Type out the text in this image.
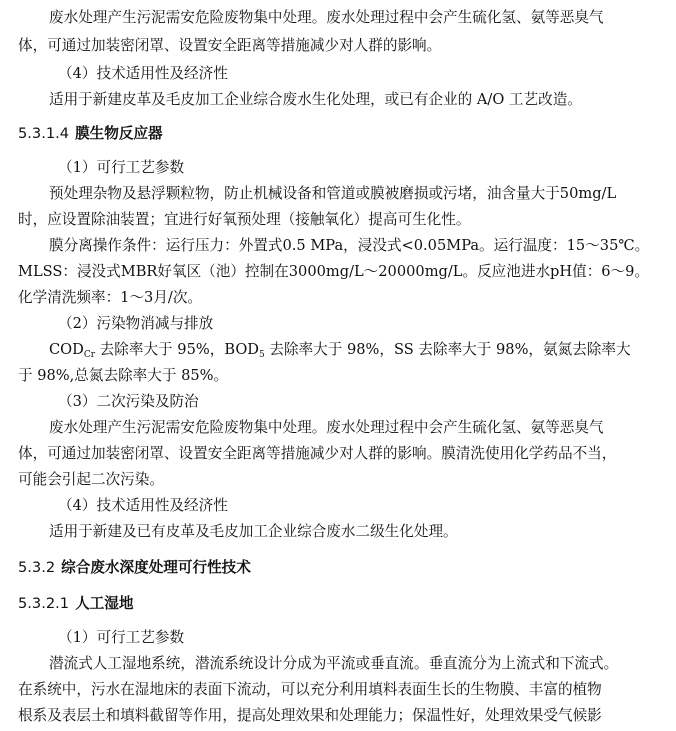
废水处理产生污泥需安危险废物集中处理。废水处理过程中会产生硫化氢、氨等恶臭气
体，可通过加装密闭罩、设置安全距离等措施减少对人群的影响。
（4）技术适用性及经济性
适用于新建皮革及毛皮加工企业综合废水生化处理，或已有企业的 A/O 工艺改造。
5.3.1.4 膜生物反应器
（1）可行工艺参数
预处理杂物及悬浮颗粒物，防止机械设备和管道或膜被磨损或污堵，油含量大于50mg/L
时，应设置除油装置；宜进行好氧预处理（接触氧化）提高可生化性。
膜分离操作条件：运行压力：外置式0.5 MPa，浸没式<0.05MPa。运行温度：15～35℃。
MLSS：浸没式MBR好氧区（池）控制在3000mg/L～20000mg/L。反应池进水pH值：6～9。
化学清洗频率：1～3月/次。
（2）污染物消减与排放
$COD_{Cr}$ 去除率大于 95%，$BOD_5$ 去除率大于 98%，SS 去除率大于 98%，氨氮去除率大
于 98%,总氮去除率大于 85%。
（3）二次污染及防治
废水处理产生污泥需安危险废物集中处理。废水处理过程中会产生硫化氢、氨等恶臭气
体，可通过加装密闭罩、设置安全距离等措施减少对人群的影响。膜清洗使用化学药品不当，
可能会引起二次污染。
（4）技术适用性及经济性
适用于新建及已有皮革及毛皮加工企业综合废水二级生化处理。
5.3.2 综合废水深度处理可行性技术
5.3.2.1 人工湿地
（1）可行工艺参数
潜流式人工湿地系统，潜流系统设计分成为平流或垂直流。垂直流分为上流式和下流式。
在系统中，污水在湿地床的表面下流动，可以充分利用填料表面生长的生物膜、丰富的植物
根系及表层土和填料截留等作用，提高处理效果和处理能力；保温性好，处理效果受气候影
